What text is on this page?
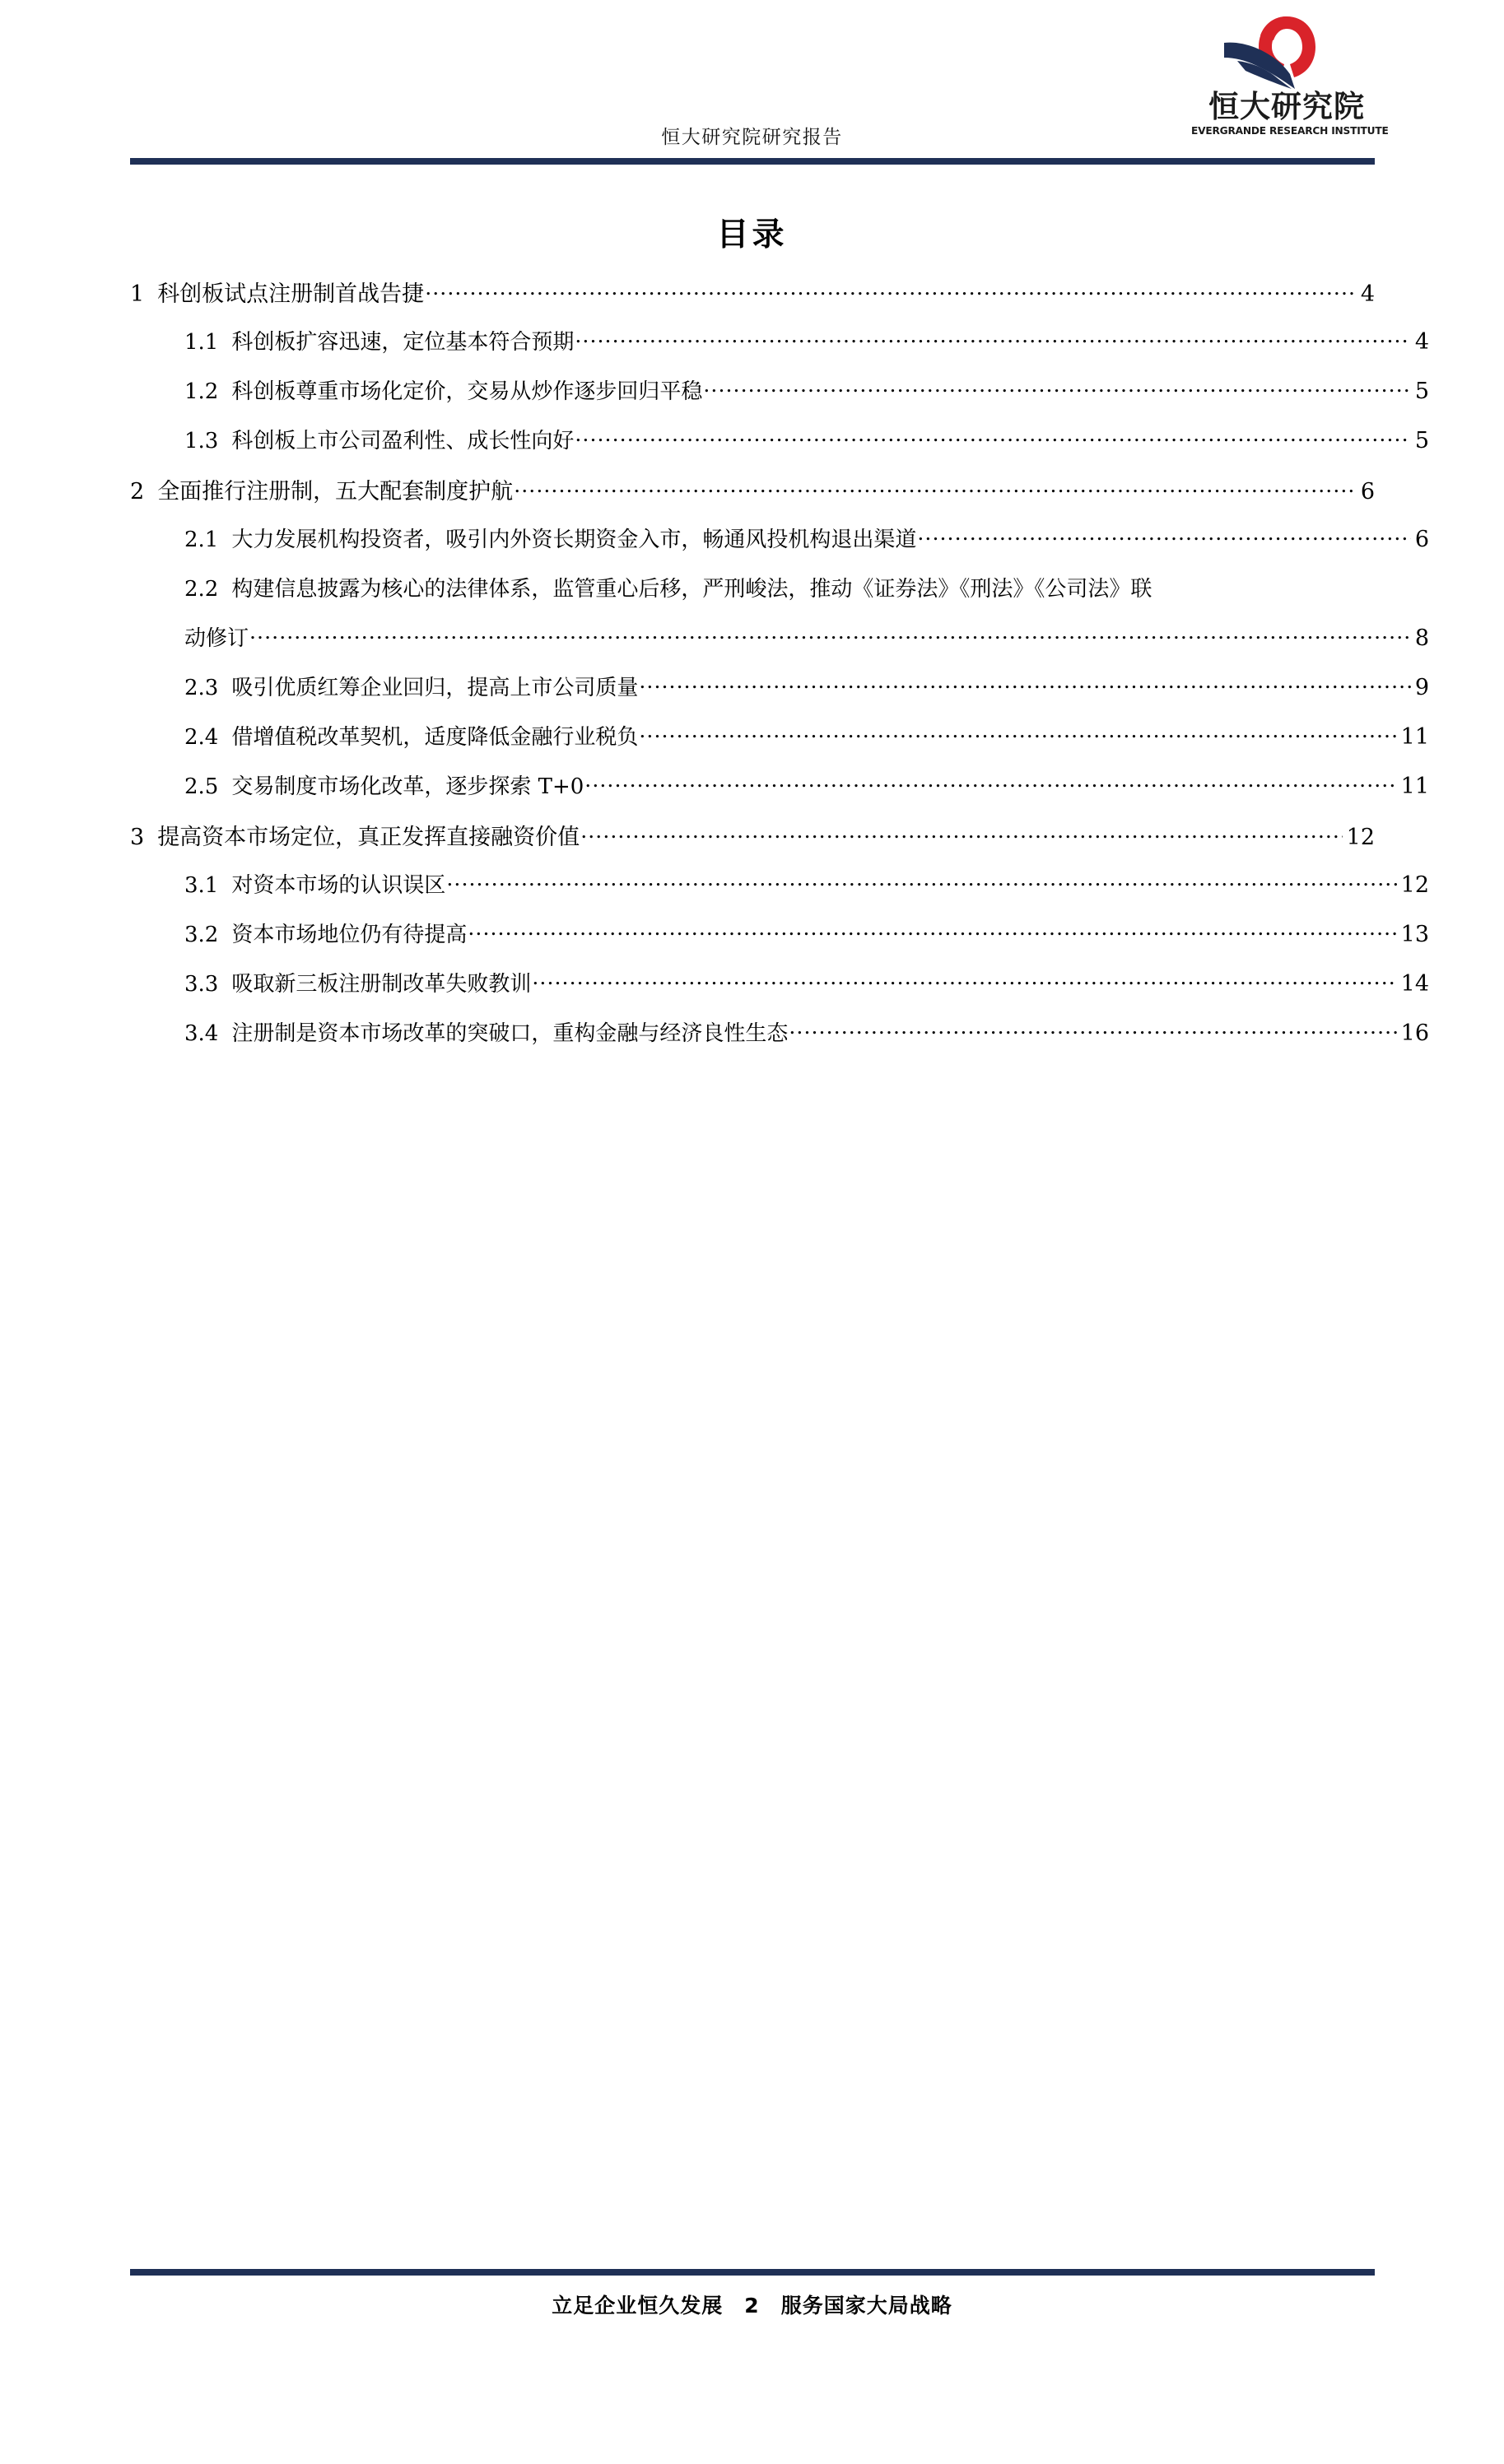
恒大研究院
EVERGRANDE RESEARCH INSTITUTE
恒大研究院研究报告
目录
1 科创板试点注册制首战告捷 .....	4
1.1 科创板扩容迅速，定位基本符合预期 .....	4
1.2 科创板尊重市场化定价，交易从炒作逐步回归平稳 .....	5
1.3 科创板上市公司盈利性、成长性向好 .....	5
2 全面推行注册制，五大配套制度护航 .....	6
2.1 大力发展机构投资者，吸引内外资长期资金入市，畅通风投机构退出渠道 .....	6
2.2 构建信息披露为核心的法律体系，监管重心后移，严刑峻法，推动《证券法》《刑法》《公司法》联
动修订 .....	8
2.3 吸引优质红筹企业回归，提高上市公司质量 .....	9
2.4 借增值税改革契机，适度降低金融行业税负 .....	11
2.5 交易制度市场化改革，逐步探索 T+0 .....	11
3 提高资本市场定位，真正发挥直接融资价值 .....	12
3.1 对资本市场的认识误区 .....	12
3.2 资本市场地位仍有待提高 .....	13
3.3 吸取新三板注册制改革失败教训 .....	14
3.4 注册制是资本市场改革的突破口，重构金融与经济良性生态 .....	16
立足企业恒久发展 2 服务国家大局战略
